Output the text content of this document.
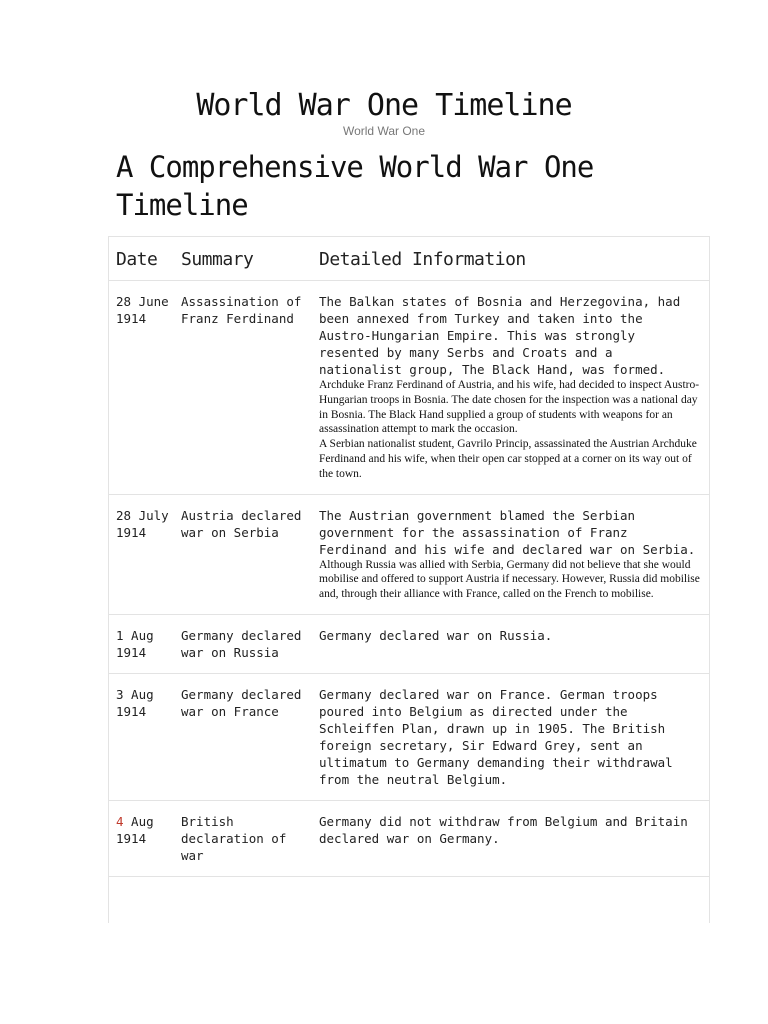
World War One Timeline
World War One
A Comprehensive World War One Timeline
Date	Summary	Detailed Information
28 June 1914
Assassination of Franz Ferdinand
The Balkan states of Bosnia and Herzegovina, had been annexed from Turkey and taken into the Austro-Hungarian Empire. This was strongly resented by many Serbs and Croats and a nationalist group, The Black Hand, was formed.
Archduke Franz Ferdinand of Austria, and his wife, had decided to inspect Austro-Hungarian troops in Bosnia. The date chosen for the inspection was a national day in Bosnia. The Black Hand supplied a group of students with weapons for an assassination attempt to mark the occasion.
A Serbian nationalist student, Gavrilo Princip, assassinated the Austrian Archduke Ferdinand and his wife, when their open car stopped at a corner on its way out of the town.
28 July 1914
Austria declared war on Serbia
The Austrian government blamed the Serbian government for the assassination of Franz Ferdinand and his wife and declared war on Serbia.
Although Russia was allied with Serbia, Germany did not believe that she would mobilise and offered to support Austria if necessary. However, Russia did mobilise and, through their alliance with France, called on the French to mobilise.
1 Aug 1914
Germany declared war on Russia
Germany declared war on Russia.
3 Aug 1914
Germany declared war on France
Germany declared war on France. German troops poured into Belgium as directed under the Schleiffen Plan, drawn up in 1905. The British foreign secretary, Sir Edward Grey, sent an ultimatum to Germany demanding their withdrawal from the neutral Belgium.
4 Aug 1914
British declaration of war
Germany did not withdraw from Belgium and Britain declared war on Germany.
